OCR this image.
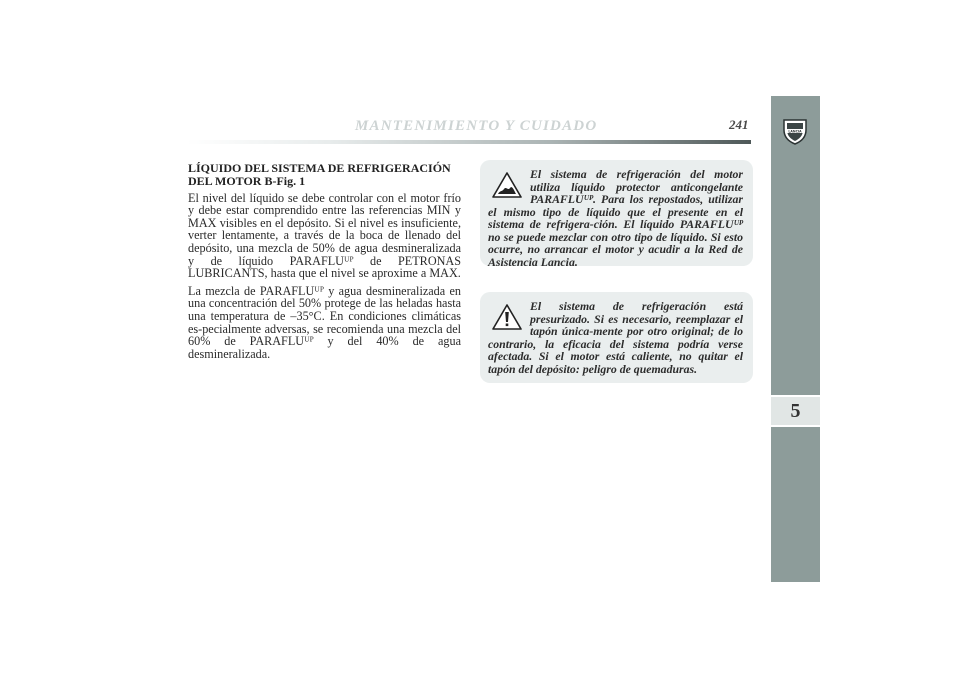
MANTENIMIENTO Y CUIDADO	241	LANCIA
5
LÍQUIDO DEL SISTEMA DE REFRIGERACIÓN
DEL MOTOR B-Fig. 1

El nivel del líquido se debe controlar con el motor frío y debe estar comprendido entre las referencias MIN y MAX visibles en el depósito. Si el nivel es insuficiente, verter lentamente, a través de la boca de llenado del depósito, una mezcla de 50% de agua desmineralizada y de líquido PARAFLUᵁᴾ de PETRONAS LUBRICANTS, hasta que el nivel se aproxime a MAX.

La mezcla de PARAFLUᵁᴾ y agua desmineralizada en una concentración del 50% protege de las heladas hasta una temperatura de –35°C. En condiciones climáticas es-pecialmente adversas, se recomienda una mezcla del 60% de PARAFLUᵁᴾ y del 40% de agua desmineralizada.

El sistema de refrigeración del motor utiliza líquido protector anticongelante PARAFLUᵁᴾ. Para los repostados, utilizar el mismo tipo de líquido que el presente en el sistema de refrigera-ción. El líquido PARAFLUᵁᴾ no se puede mezclar con otro tipo de líquido. Si esto ocurre, no arrancar el motor y acudir a la Red de Asistencia Lancia.
El sistema de refrigeración está presurizado. Si es necesario, reemplazar el tapón única-mente por otro original; de lo contrario, la eficacia del sistema podría verse afectada. Si el motor está caliente, no quitar el tapón del depósito: peligro de quemaduras.
